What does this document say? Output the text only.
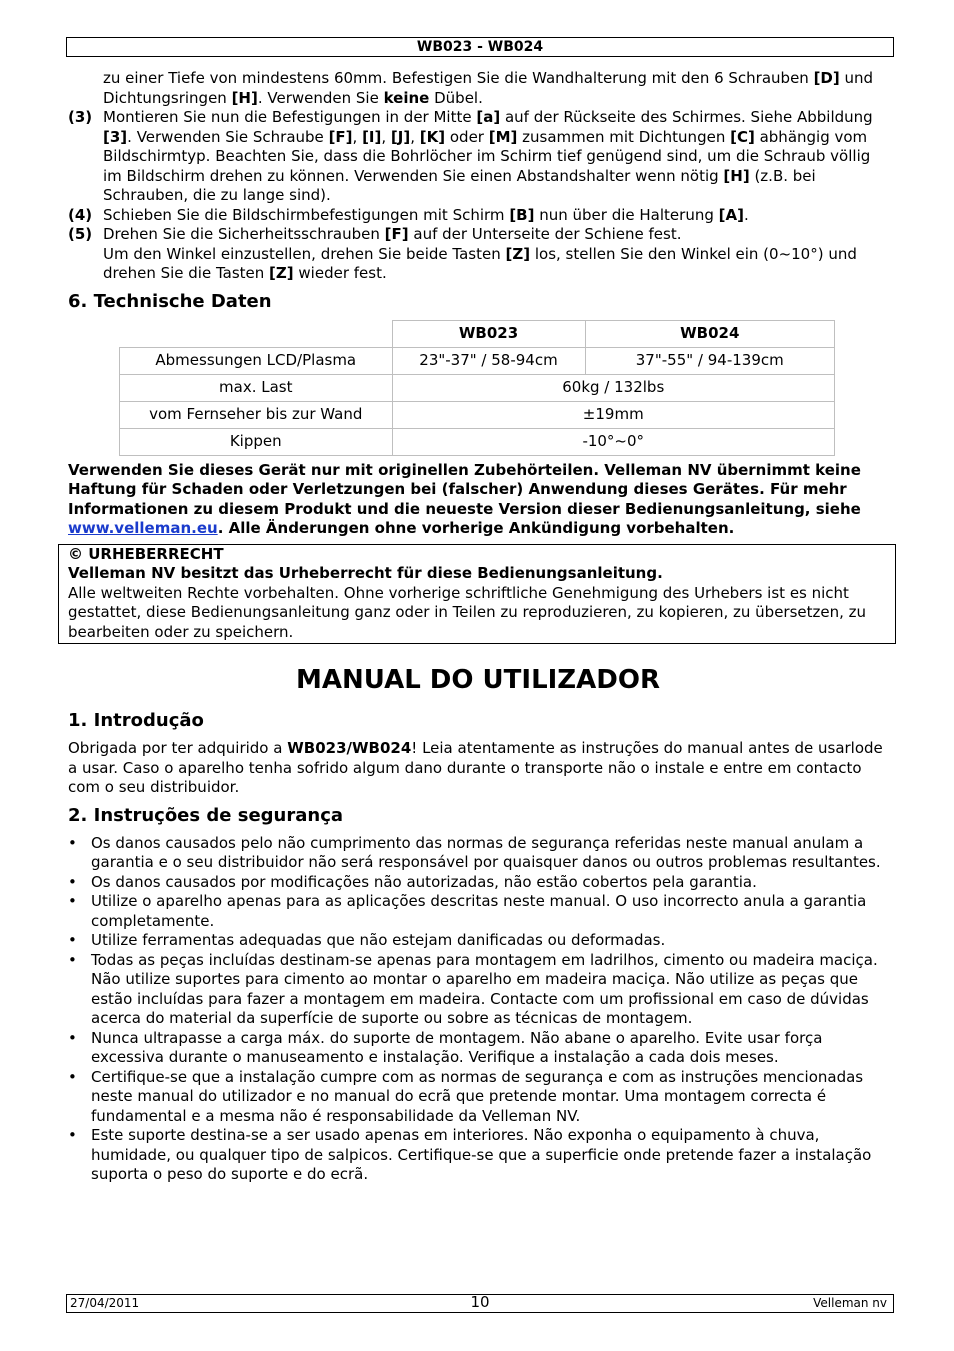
WB023 - WB024

zu einer Tiefe von mindestens 60mm. Befestigen Sie die Wandhalterung mit den 6 Schrauben [D] und Dichtungsringen [H]. Verwenden Sie keine Dübel.

(3) Montieren Sie nun die Befestigungen in der Mitte [a] auf der Rückseite des Schirmes. Siehe Abbildung [3]. Verwenden Sie Schraube [F], [I], [J], [K] oder [M] zusammen mit Dichtungen [C] abhängig vom Bildschirmtyp. Beachten Sie, dass die Bohrlöcher im Schirm tief genügend sind, um die Schraub völlig im Bildschirm drehen zu können. Verwenden Sie einen Abstandshalter wenn nötig [H] (z.B. bei Schrauben, die zu lange sind).
(4) Schieben Sie die Bildschirmbefestigungen mit Schirm [B] nun über die Halterung [A].
(5) Drehen Sie die Sicherheitsschrauben [F] auf der Unterseite der Schiene fest.

Um den Winkel einzustellen, drehen Sie beide Tasten [Z] los, stellen Sie den Winkel ein (0~10°) und drehen Sie die Tasten [Z] wieder fest.

6. Technische Daten
	WB023	WB024
Abmessungen LCD/Plasma	23"-37" / 58-94cm	37"-55" / 94-139cm
max. Last	60kg / 132lbs	
vom Fernseher bis zur Wand	±19mm	
Kippen	-10°~0°	

Verwenden Sie dieses Gerät nur mit originellen Zubehörteilen. Velleman NV übernimmt keine Haftung für Schaden oder Verletzungen bei (falscher) Anwendung dieses Gerätes. Für mehr Informationen zu diesem Produkt und die neueste Version dieser Bedienungsanleitung, siehe www.velleman.eu. Alle Änderungen ohne vorherige Ankündigung vorbehalten.

© URHEBERRECHT

Velleman NV besitzt das Urheberrecht für diese Bedienungsanleitung.

Alle weltweiten Rechte vorbehalten. Ohne vorherige schriftliche Genehmigung des Urhebers ist es nicht gestattet, diese Bedienungsanleitung ganz oder in Teilen zu reproduzieren, zu kopieren, zu übersetzen, zu bearbeiten oder zu speichern.

MANUAL DO UTILIZADOR
1. Introdução

Obrigada por ter adquirido a WB023/WB024! Leia atentamente as instruções do manual antes de usarlode a usar. Caso o aparelho tenha sofrido algum dano durante o transporte não o instale e entre em contacto com o seu distribuidor.

2. Instruções de segurança
• Os danos causados pelo não cumprimento das normas de segurança referidas neste manual anulam a garantia e o seu distribuidor não será responsável por quaisquer danos ou outros problemas resultantes.
• Os danos causados por modificações não autorizadas, não estão cobertos pela garantia.
• Utilize o aparelho apenas para as aplicações descritas neste manual. O uso incorrecto anula a garantia completamente.
• Utilize ferramentas adequadas que não estejam danificadas ou deformadas.
• Todas as peças incluídas destinam-se apenas para montagem em ladrilhos, cimento ou madeira maciça. Não utilize suportes para cimento ao montar o aparelho em madeira maciça. Não utilize as peças que estão incluídas para fazer a montagem em madeira. Contacte com um profissional em caso de dúvidas acerca do material da superfície de suporte ou sobre as técnicas de montagem.
• Nunca ultrapasse a carga máx. do suporte de montagem. Não abane o aparelho. Evite usar força excessiva durante o manuseamento e instalação. Verifique a instalação a cada dois meses.
• Certifique-se que a instalação cumpre com as normas de segurança e com as instruções mencionadas neste manual do utilizador e no manual do ecrã que pretende montar. Uma montagem correcta é fundamental e a mesma não é responsabilidade da Velleman NV.
• Este suporte destina-se a ser usado apenas em interiores. Não exponha o equipamento à chuva, humidade, ou qualquer tipo de salpicos. Certifique-se que a superficie onde pretende fazer a instalação suporta o peso do suporte e do ecrã.
27/04/2011	10	Velleman nv
